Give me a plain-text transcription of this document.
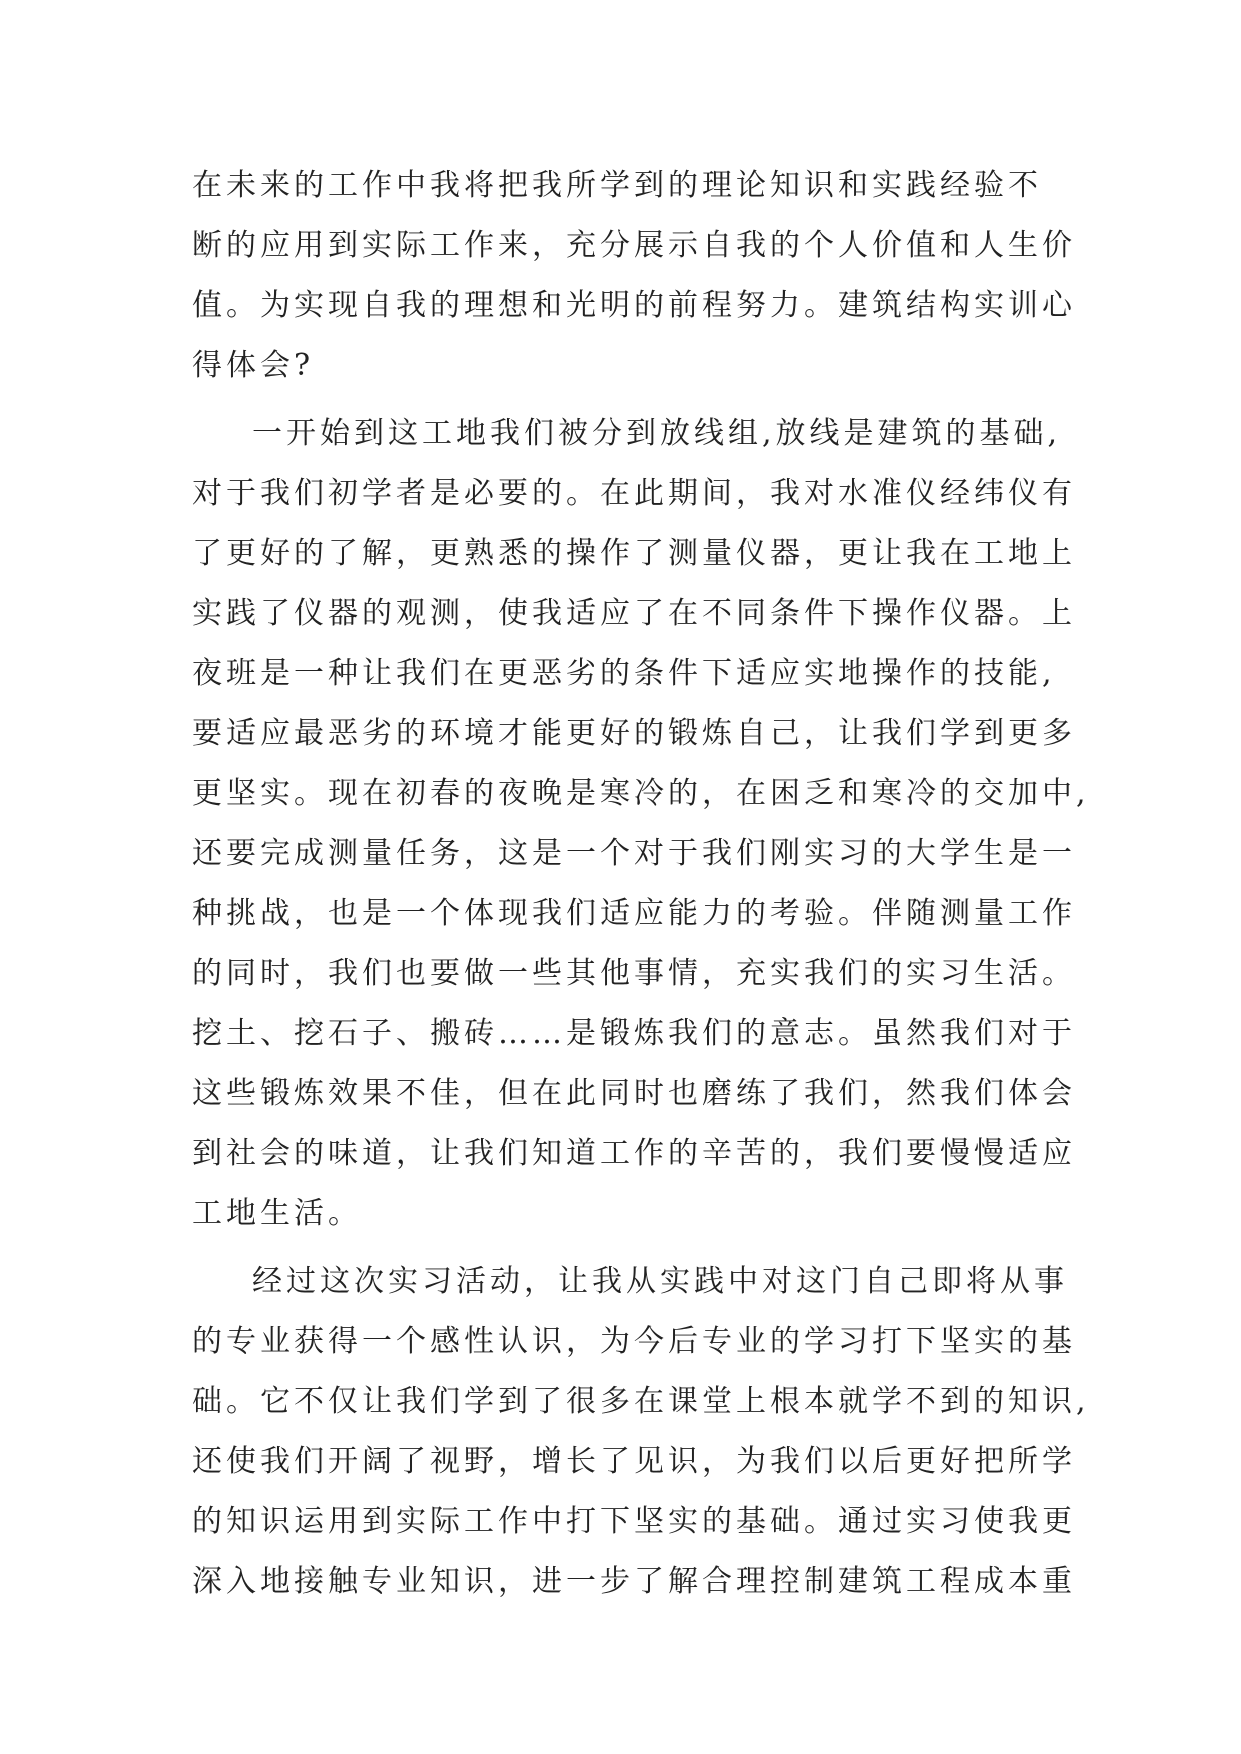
在未来的工作中我将把我所学到的理论知识和实践经验不
断的应用到实际工作来，充分展示自我的个人价值和人生价
值。为实现自我的理想和光明的前程努力。建筑结构实训心
得体会?
一开始到这工地我们被分到放线组,放线是建筑的基础,
对于我们初学者是必要的。在此期间，我对水准仪经纬仪有
了更好的了解，更熟悉的操作了测量仪器，更让我在工地上
实践了仪器的观测，使我适应了在不同条件下操作仪器。上
夜班是一种让我们在更恶劣的条件下适应实地操作的技能,
要适应最恶劣的环境才能更好的锻炼自己，让我们学到更多
更坚实。现在初春的夜晚是寒冷的，在困乏和寒冷的交加中,
还要完成测量任务，这是一个对于我们刚实习的大学生是一
种挑战，也是一个体现我们适应能力的考验。伴随测量工作
的同时，我们也要做一些其他事情，充实我们的实习生活。
挖土、挖石子、搬砖……是锻炼我们的意志。虽然我们对于
这些锻炼效果不佳，但在此同时也磨练了我们，然我们体会
到社会的味道，让我们知道工作的辛苦的，我们要慢慢适应
工地生活。
经过这次实习活动，让我从实践中对这门自己即将从事
的专业获得一个感性认识，为今后专业的学习打下坚实的基
础。它不仅让我们学到了很多在课堂上根本就学不到的知识,
还使我们开阔了视野，增长了见识，为我们以后更好把所学
的知识运用到实际工作中打下坚实的基础。通过实习使我更
深入地接触专业知识，进一步了解合理控制建筑工程成本重
